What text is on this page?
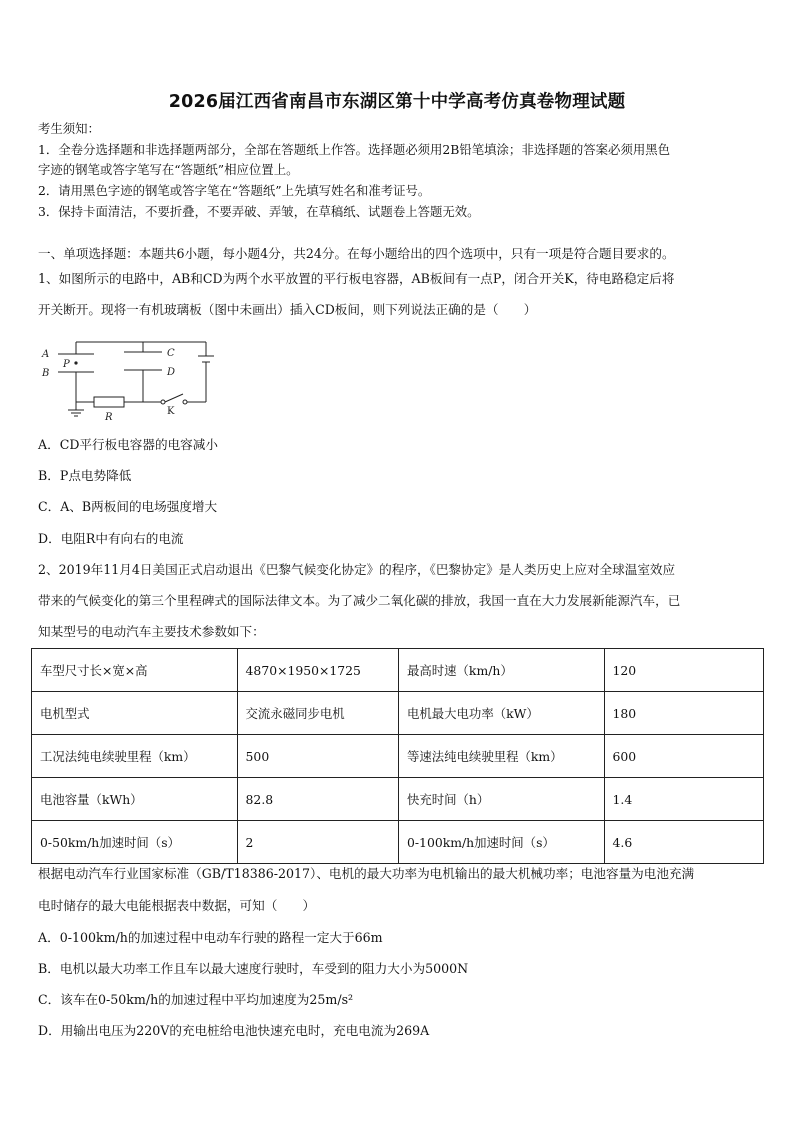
2026届江西省南昌市东湖区第十中学高考仿真卷物理试题
考生须知：
1．全卷分选择题和非选择题两部分，全部在答题纸上作答。选择题必须用2B铅笔填涂；非选择题的答案必须用黑色
字迹的钢笔或答字笔写在“答题纸”相应位置上。
2．请用黑色字迹的钢笔或答字笔在“答题纸”上先填写姓名和准考证号。
3．保持卡面清洁，不要折叠，不要弄破、弄皱，在草稿纸、试题卷上答题无效。
一、单项选择题：本题共6小题，每小题4分，共24分。在每小题给出的四个选项中，只有一项是符合题目要求的。
1、如图所示的电路中，AB和CD为两个水平放置的平行板电容器，AB板间有一点P，闭合开关K，待电路稳定后将
开关断开。现将一有机玻璃板（图中未画出）插入CD板间，则下列说法正确的是（　　）
A
B
P
C
D
R
K
A．CD平行板电容器的电容减小
B．P点电势降低
C．A、B两板间的电场强度增大
D．电阻R中有向右的电流
2、2019年11月4日美国正式启动退出《巴黎气候变化协定》的程序，《巴黎协定》是人类历史上应对全球温室效应
带来的气候变化的第三个里程碑式的国际法律文本。为了减少二氧化碳的排放，我国一直在大力发展新能源汽车，已
知某型号的电动汽车主要技术参数如下：
车型尺寸长×宽×高	4870×1950×1725	最高时速（km/h）	120
电机型式	交流永磁同步电机	电机最大电功率（kW）	180
工况法纯电续驶里程（km）	500	等速法纯电续驶里程（km）	600
电池容量（kWh）	82.8	快充时间（h）	1.4
0-50km/h加速时间（s）	2	0-100km/h加速时间（s）	4.6
根据电动汽车行业国家标准（GB/T18386-2017）、电机的最大功率为电机输出的最大机械功率；电池容量为电池充满
电时储存的最大电能根据表中数据，可知（　　）
A．0-100km/h的加速过程中电动车行驶的路程一定大于66m
B．电机以最大功率工作且车以最大速度行驶时，车受到的阻力大小为5000N
C．该车在0-50km/h的加速过程中平均加速度为25m/s²
D．用输出电压为220V的充电桩给电池快速充电时，充电电流为269A
